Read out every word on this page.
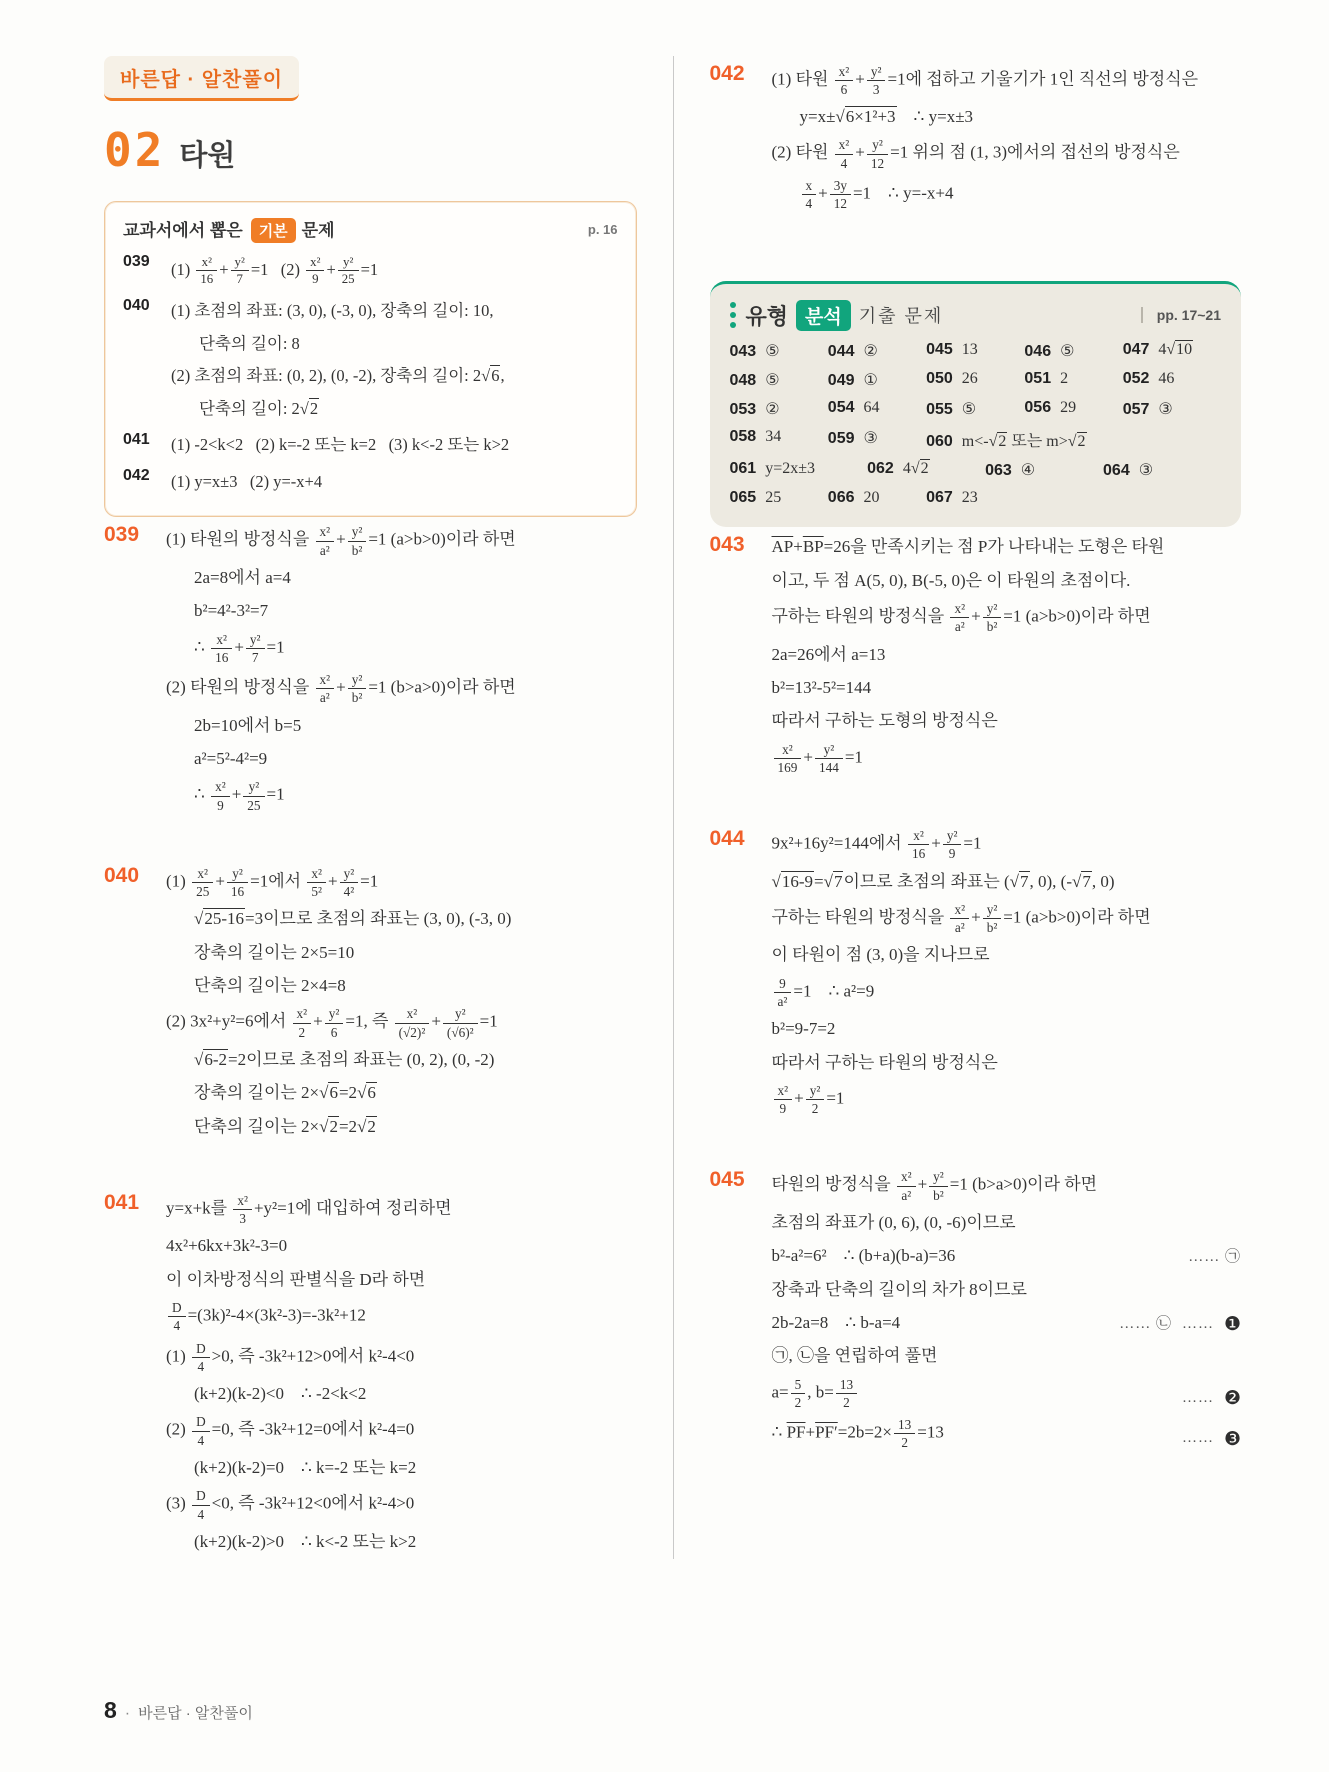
바른답 · 알찬풀이
02 타원
교과서에서 뽑은 기본 문제	p. 16
039	$(1) \frac{\text{x²}}{16} + \frac{\text{y²}}{7} =1$   $(2) \frac{\text{x²}}{9} + \frac{\text{y²}}{25} =1$
040	(1) 초점의 좌표: (3, 0), (-3, 0), 장축의 길이: 10,
단축의 길이: 8
(2) 초점의 좌표: (0, 2), (0, -2), 장축의 길이: 2√6,
단축의 길이: 2√2
041	(1) -2<k<2   (2) k=-2 또는 k=2   (3) k<-2 또는 k>2
042	(1) y=x±3   (2) y=-x+4
039	(1) 타원의 방정식을 $\frac{\text{x²}}{\text{a²}} + \frac{\text{y²}}{\text{b²}} =1$ (a>b>0)이라 하면
2a=8에서 a=4
b²=4²-3²=7
∴ $\frac{\text{x²}}{16} + \frac{\text{y²}}{7} =1$
(2) 타원의 방정식을 $\frac{\text{x²}}{\text{a²}} + \frac{\text{y²}}{\text{b²}} =1$ (b>a>0)이라 하면
2b=10에서 b=5
a²=5²-4²=9
∴ $\frac{\text{x²}}{9} + \frac{\text{y²}}{25} =1$
040	$(1) \frac{\text{x²}}{25} + \frac{\text{y²}}{16} =1$에서 $\frac{\text{x²}}{\text{5²}} + \frac{\text{y²}}{\text{4²}} =1$
√25-16=3이므로 초점의 좌표는 (3, 0), (-3, 0)
장축의 길이는 2×5=10
단축의 길이는 2×4=8
(2) 3x²+y²=6에서 $\frac{\text{x²}}{2} + \frac{\text{y²}}{6} =1$, 즉 $\frac{\text{x²}}{\text{(√2)²}} + \frac{\text{y²}}{\text{(√6)²}} =1$
√6-2=2이므로 초점의 좌표는 (0, 2), (0, -2)
장축의 길이는 2×√6=2√6
단축의 길이는 2×√2=2√2
041	y=x+k를 $\frac{\text{x²}}{3} +y^2=1$에 대입하여 정리하면
4x²+6kx+3k²-3=0
이 이차방정식의 판별식을 D라 하면
$\frac{D}{4} =(3k)^2-4\times(3k^2-3)=-3k^2+12$
$(1) \frac{D}{4} >0$, 즉 -3k²+12>0에서 k²-4<0
(k+2)(k-2)<0    ∴ -2<k<2
$(2) \frac{D}{4} =0$, 즉 -3k²+12=0에서 k²-4=0
(k+2)(k-2)=0    ∴ k=-2 또는 k=2
$(3) \frac{D}{4} <0$, 즉 -3k²+12<0에서 k²-4>0
(k+2)(k-2)>0    ∴ k<-2 또는 k>2
042	(1) 타원 $\frac{\text{x²}}{6} + \frac{\text{y²}}{3} =1$에 접하고 기울기가 1인 직선의 방정식은
y=x±√6×1²+3    ∴ y=x±3
(2) 타원 $\frac{\text{x²}}{4} + \frac{\text{y²}}{12} =1$ 위의 점 (1, 3)에서의 접선의 방정식은
$\frac{x}{4} + \frac{3y}{12} =1$    ∴ y=-x+4
유형 분석 기출 문제	pp. 17~21
043 ⑤	044 ②	045 13	046 ⑤	047 4√10
048 ⑤	049 ①	050 26	051 2	052 46
053 ②	054 64	055 ⑤	056 29	057 ③
058 34	059 ③	060 m<-√2 또는 m>√2
061 y=2x±3	062 4√2	063 ④	064 ③
065 25	066 20	067 23
043	$\overline{AP}+\overline{BP}=26$을 만족시키는 점 P가 나타내는 도형은 타원
이고, 두 점 A(5, 0), B(-5, 0)은 이 타원의 초점이다.
구하는 타원의 방정식을 $\frac{\text{x²}}{\text{a²}} + \frac{\text{y²}}{\text{b²}} =1$ (a>b>0)이라 하면
2a=26에서 a=13
b²=13²-5²=144
따라서 구하는 도형의 방정식은
$\frac{\text{x²}}{169} + \frac{\text{y²}}{144} =1$
044	9x²+16y²=144에서 $\frac{\text{x²}}{16} + \frac{\text{y²}}{9} =1$
√16-9=√7이므로 초점의 좌표는 (√7, 0), (-√7, 0)
구하는 타원의 방정식을 $\frac{\text{x²}}{\text{a²}} + \frac{\text{y²}}{\text{b²}} =1$ (a>b>0)이라 하면
이 타원이 점 (3, 0)을 지나므로
$\frac{9}{\text{a²}} =1$    ∴ a²=9
b²=9-7=2
따라서 구하는 타원의 방정식은
$\frac{\text{x²}}{9} + \frac{\text{y²}}{2} =1$
045	타원의 방정식을 $\frac{\text{x²}}{\text{a²}} + \frac{\text{y²}}{\text{b²}} =1$ (b>a>0)이라 하면
초점의 좌표가 (0, 6), (0, -6)이므로
b²-a²=6²    ∴ (b+a)(b-a)=36	…… ㉠
장축과 단축의 길이의 차가 8이므로
2b-2a=8    ∴ b-a=4	…… ㉡ …… ❶
㉠, ㉡을 연립하여 풀면
$a= \frac{5}{2}$ , $b= \frac{13}{2}$	…… ❷
∴ $\overline{PF}+PF'=2b=2\times \frac{13}{2} =13$	…… ❸
8 · 바른답 · 알찬풀이
